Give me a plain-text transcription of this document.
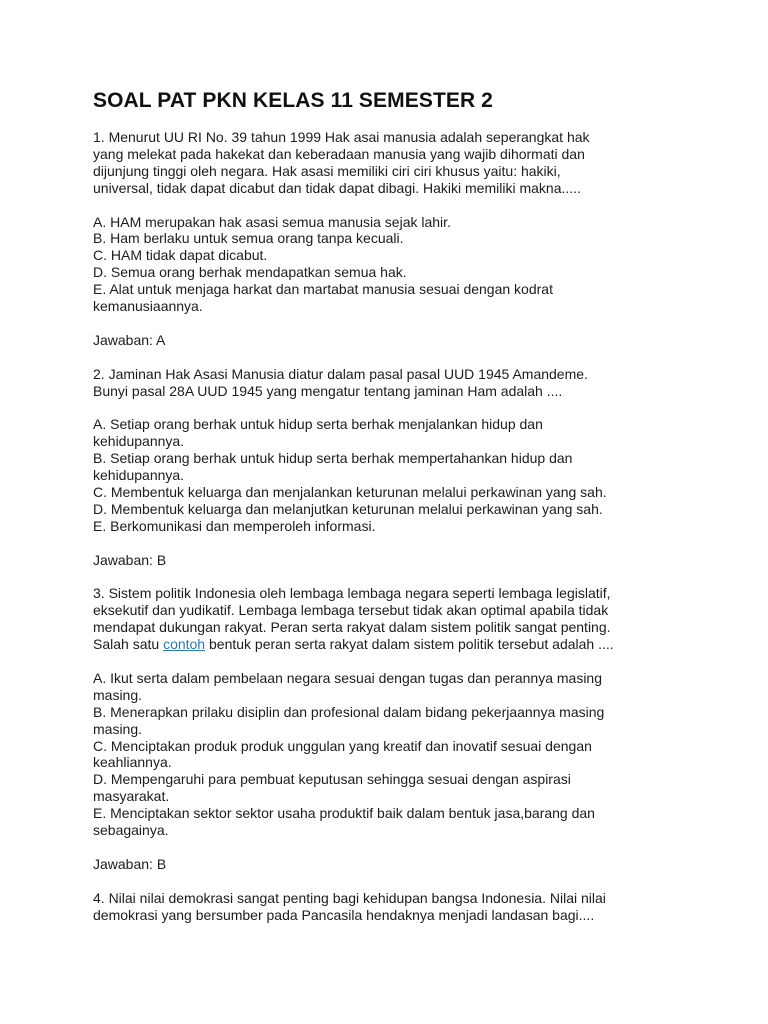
SOAL PAT PKN KELAS 11 SEMESTER 2
1. Menurut UU RI No. 39 tahun 1999 Hak asai manusia adalah seperangkat hak
yang melekat pada hakekat dan keberadaan manusia yang wajib dihormati dan
dijunjung tinggi oleh negara. Hak asasi memiliki ciri ciri khusus yaitu: hakiki,
universal, tidak dapat dicabut dan tidak dapat dibagi. Hakiki memiliki makna.....
A. HAM merupakan hak asasi semua manusia sejak lahir.
B. Ham berlaku untuk semua orang tanpa kecuali.
C. HAM tidak dapat dicabut.
D. Semua orang berhak mendapatkan semua hak.
E. Alat untuk menjaga harkat dan martabat manusia sesuai dengan kodrat
kemanusiaannya.
Jawaban: A
2. Jaminan Hak Asasi Manusia diatur dalam pasal pasal UUD 1945 Amandeme.
Bunyi pasal 28A UUD 1945 yang mengatur tentang jaminan Ham adalah ....
A. Setiap orang berhak untuk hidup serta berhak menjalankan hidup dan
kehidupannya.
B. Setiap orang berhak untuk hidup serta berhak mempertahankan hidup dan
kehidupannya.
C. Membentuk keluarga dan menjalankan keturunan melalui perkawinan yang sah.
D. Membentuk keluarga dan melanjutkan keturunan melalui perkawinan yang sah.
E. Berkomunikasi dan memperoleh informasi.
Jawaban: B
3. Sistem politik Indonesia oleh lembaga lembaga negara seperti lembaga legislatif,
eksekutif dan yudikatif. Lembaga lembaga tersebut tidak akan optimal apabila tidak
mendapat dukungan rakyat. Peran serta rakyat dalam sistem politik sangat penting.
Salah satu contoh bentuk peran serta rakyat dalam sistem politik tersebut adalah ....
A. Ikut serta dalam pembelaan negara sesuai dengan tugas dan perannya masing
masing.
B. Menerapkan prilaku disiplin dan profesional dalam bidang pekerjaannya masing
masing.
C. Menciptakan produk produk unggulan yang kreatif dan inovatif sesuai dengan
keahliannya.
D. Mempengaruhi para pembuat keputusan sehingga sesuai dengan aspirasi
masyarakat.
E. Menciptakan sektor sektor usaha produktif baik dalam bentuk jasa,barang dan
sebagainya.
Jawaban: B
4. Nilai nilai demokrasi sangat penting bagi kehidupan bangsa Indonesia. Nilai nilai
demokrasi yang bersumber pada Pancasila hendaknya menjadi landasan bagi....
